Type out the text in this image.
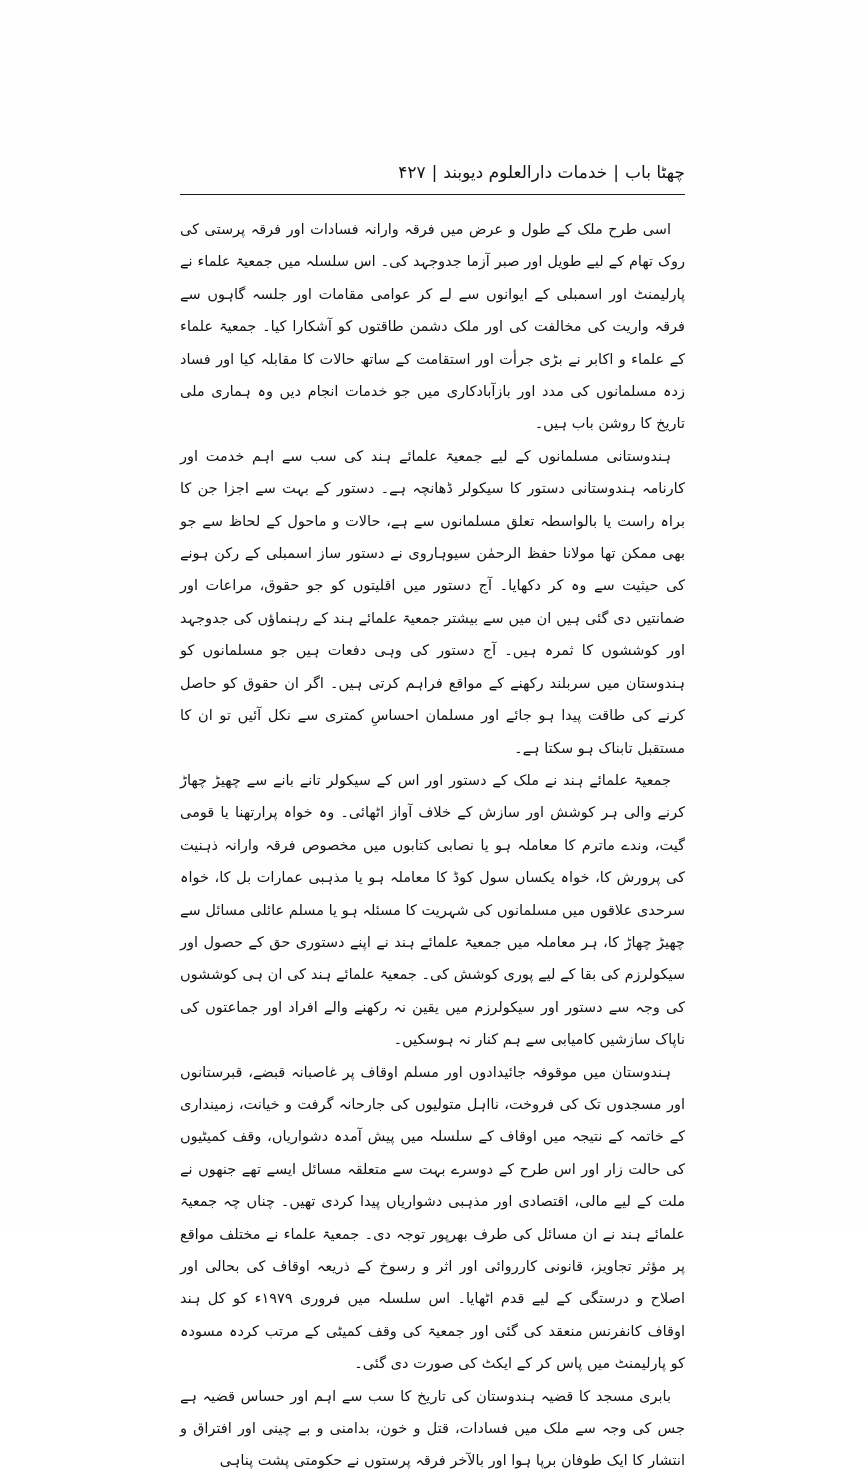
چھٹا باب|خدمات دارالعلوم دیوبند|۴۲۷

اسی طرح ملک کے طول و عرض میں فرقہ وارانہ فسادات اور فرقہ پرستی کی روک تھام کے لیے طویل اور صبر آزما جدوجہد کی۔ اس سلسلہ میں جمعیۃ علماء نے پارلیمنٹ اور اسمبلی کے ایوانوں سے لے کر عوامی مقامات اور جلسہ گاہوں سے فرقہ واریت کی مخالفت کی اور ملک دشمن طاقتوں کو آشکارا کیا۔ جمعیۃ علماء کے علماء و اکابر نے بڑی جرأت اور استقامت کے ساتھ حالات کا مقابلہ کیا اور فساد زدہ مسلمانوں کی مدد اور بازآبادکاری میں جو خدمات انجام دیں وہ ہماری ملی تاریخ کا روشن باب ہیں۔

ہندوستانی مسلمانوں کے لیے جمعیۃ علمائے ہند کی سب سے اہم خدمت اور کارنامہ ہندوستانی دستور کا سیکولر ڈھانچہ ہے۔ دستور کے بہت سے اجزا جن کا براہ راست یا بالواسطہ تعلق مسلمانوں سے ہے، حالات و ماحول کے لحاظ سے جو بھی ممکن تھا مولانا حفظ الرحمٰن سیوہاروی نے دستور ساز اسمبلی کے رکن ہونے کی حیثیت سے وہ کر دکھایا۔ آج دستور میں اقلیتوں کو جو حقوق، مراعات اور ضمانتیں دی گئی ہیں ان میں سے بیشتر جمعیۃ علمائے ہند کے رہنماؤں کی جدوجہد اور کوششوں کا ثمرہ ہیں۔ آج دستور کی وہی دفعات ہیں جو مسلمانوں کو ہندوستان میں سربلند رکھنے کے مواقع فراہم کرتی ہیں۔ اگر ان حقوق کو حاصل کرنے کی طاقت پیدا ہو جائے اور مسلمان احساسِ کمتری سے نکل آئیں تو ان کا مستقبل تابناک ہو سکتا ہے۔

جمعیۃ علمائے ہند نے ملک کے دستور اور اس کے سیکولر تانے بانے سے چھیڑ چھاڑ کرنے والی ہر کوشش اور سازش کے خلاف آواز اٹھائی۔ وہ خواہ پرارتھنا یا قومی گیت، وندے ماترم کا معاملہ ہو یا نصابی کتابوں میں مخصوص فرقہ وارانہ ذہنیت کی پرورش کا، خواہ یکساں سول کوڈ کا معاملہ ہو یا مذہبی عمارات بل کا، خواہ سرحدی علاقوں میں مسلمانوں کی شہریت کا مسئلہ ہو یا مسلم عائلی مسائل سے چھیڑ چھاڑ کا، ہر معاملہ میں جمعیۃ علمائے ہند نے اپنے دستوری حق کے حصول اور سیکولرزم کی بقا کے لیے پوری کوشش کی۔ جمعیۃ علمائے ہند کی ان ہی کوششوں کی وجہ سے دستور اور سیکولرزم میں یقین نہ رکھنے والے افراد اور جماعتوں کی ناپاک سازشیں کامیابی سے ہم کنار نہ ہوسکیں۔

ہندوستان میں موقوفہ جائیدادوں اور مسلم اوقاف پر غاصبانہ قبضے، قبرستانوں اور مسجدوں تک کی فروخت، نااہل متولیوں کی جارحانہ گرفت و خیانت، زمینداری کے خاتمہ کے نتیجہ میں اوقاف کے سلسلہ میں پیش آمدہ دشواریاں، وقف کمیٹیوں کی حالت زار اور اس طرح کے دوسرے بہت سے متعلقہ مسائل ایسے تھے جنھوں نے ملت کے لیے مالی، اقتصادی اور مذہبی دشواریاں پیدا کردی تھیں۔ چناں چہ جمعیۃ علمائے ہند نے ان مسائل کی طرف بھرپور توجہ دی۔ جمعیۃ علماء نے مختلف مواقع پر مؤثر تجاویز، قانونی کارروائی اور اثر و رسوخ کے ذریعہ اوقاف کی بحالی اور اصلاح و درستگی کے لیے قدم اٹھایا۔ اس سلسلہ میں فروری ۱۹۷۹ء کو کل ہند اوقاف کانفرنس منعقد کی گئی اور جمعیۃ کی وقف کمیٹی کے مرتب کردہ مسودہ کو پارلیمنٹ میں پاس کر کے ایکٹ کی صورت دی گئی۔

بابری مسجد کا قضیہ ہندوستان کی تاریخ کا سب سے اہم اور حساس قضیہ ہے جس کی وجہ سے ملک میں فسادات، قتل و خون، بدامنی و بے چینی اور افتراق و انتشار کا ایک طوفان برپا ہوا اور بالآخر فرقہ پرستوں نے حکومتی پشت پناہی
